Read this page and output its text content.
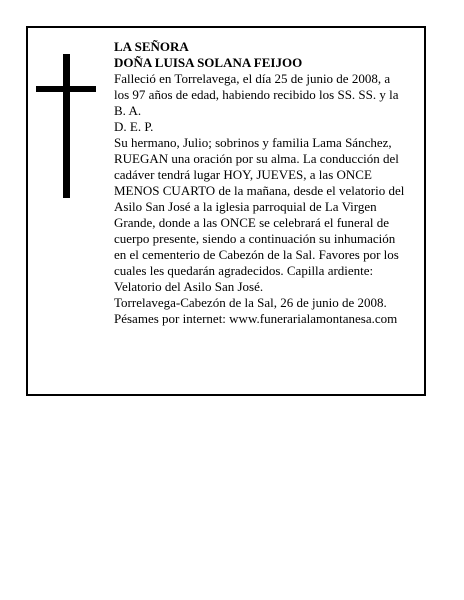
LA SEÑORA
DOÑA LUISA SOLANA FEIJOO
Falleció en Torrelavega, el día 25 de junio de 2008, a
los 97 años de edad, habiendo recibido los SS. SS. y la
B. A.
D. E. P.
Su hermano, Julio; sobrinos y familia Lama Sánchez,
RUEGAN una oración por su alma. La conducción del
cadáver tendrá lugar HOY, JUEVES, a las ONCE
MENOS CUARTO de la mañana, desde el velatorio del
Asilo San José a la iglesia parroquial de La Virgen
Grande, donde a las ONCE se celebrará el funeral de
cuerpo presente, siendo a continuación su inhumación
en el cementerio de Cabezón de la Sal. Favores por los
cuales les quedarán agradecidos. Capilla ardiente:
Velatorio del Asilo San José.
Torrelavega-Cabezón de la Sal, 26 de junio de 2008.
Pésames por internet: www.funerarialamontanesa.com
